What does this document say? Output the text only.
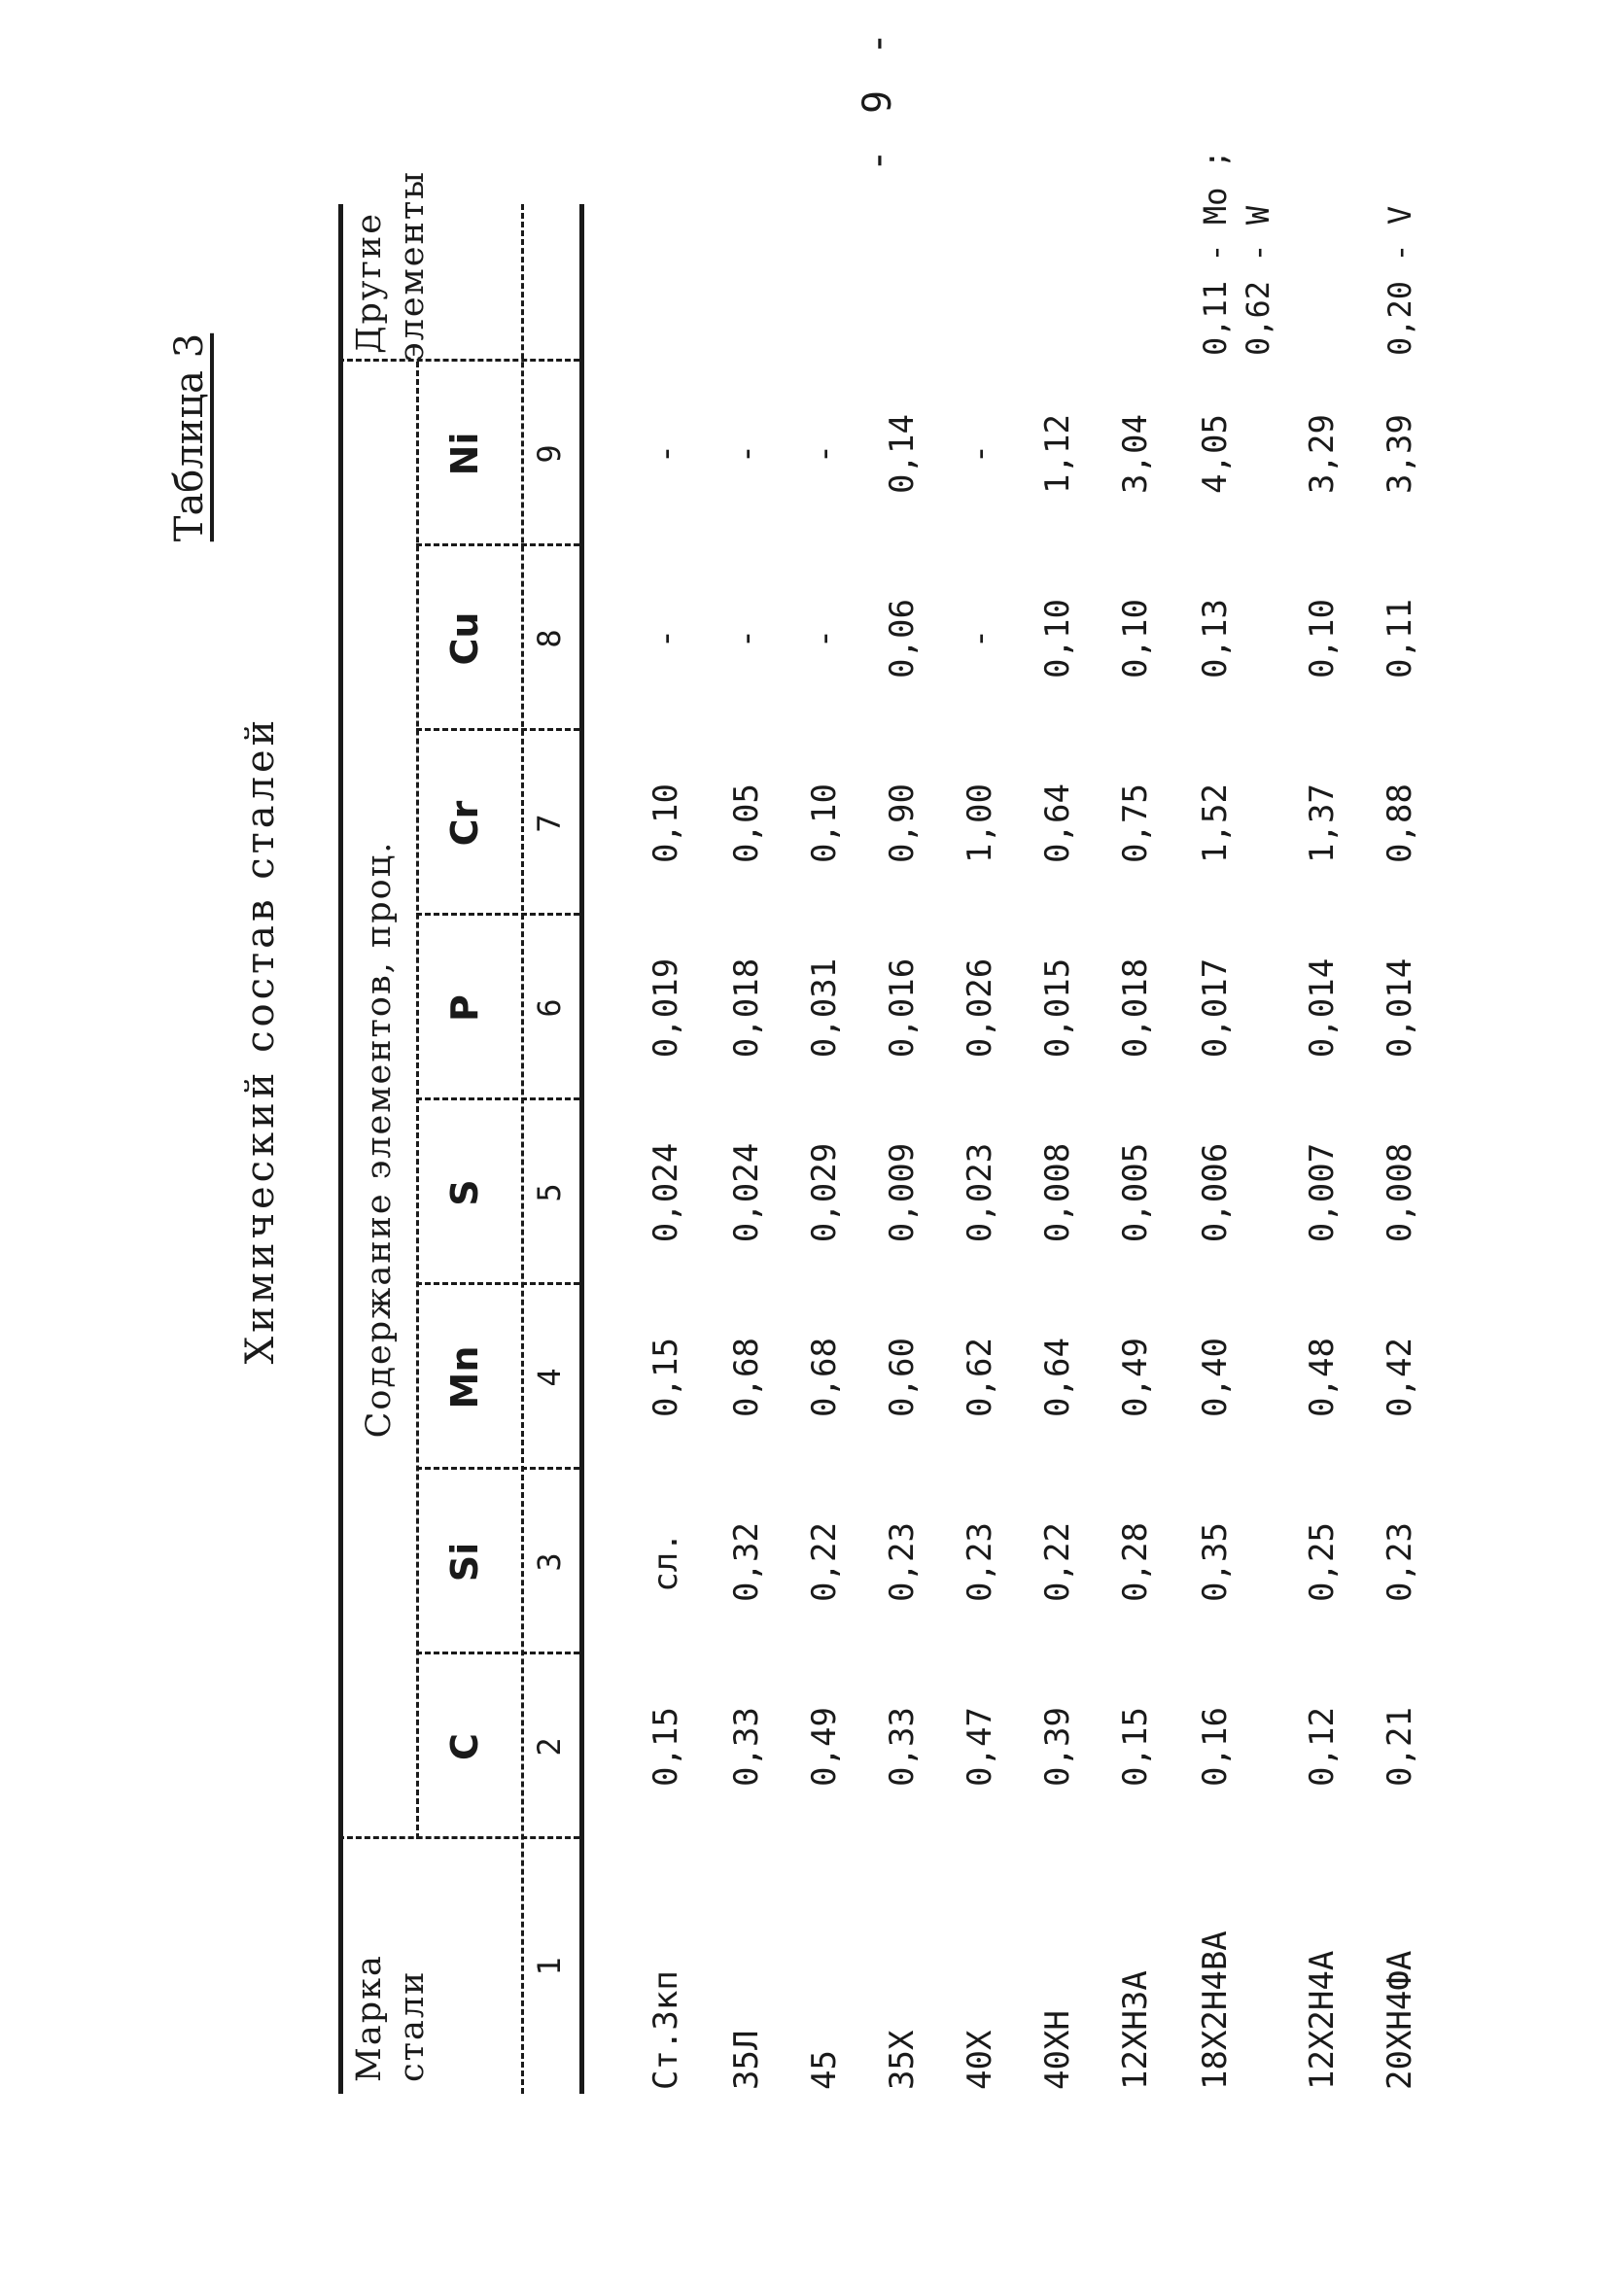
- 9 -
Таблица 3
Химический состав сталей
Марка стали
Содержание элементов, проц.
Другие элементы
C
Si
Mn
S
P
Cr
Cu
Ni
1
2
3
4
5
6
7
8
9
Ст.3кп
0,15
сл.
0,15
0,024
0,019
0,10
-
-
35Л
0,33
0,32
0,68
0,024
0,018
0,05
-
-
45
0,49
0,22
0,68
0,029
0,031
0,10
-
-
35Х
0,33
0,23
0,60
0,009
0,016
0,90
0,06
0,14
40Х
0,47
0,23
0,62
0,023
0,026
1,00
-
-
40ХН
0,39
0,22
0,64
0,008
0,015
0,64
0,10
1,12
12ХН3А
0,15
0,28
0,49
0,005
0,018
0,75
0,10
3,04
18Х2Н4ВА
0,16
0,35
0,40
0,006
0,017
1,52
0,13
4,05
0,11 - Mo ; 0,62 - W
12Х2Н4А
0,12
0,25
0,48
0,007
0,014
1,37
0,10
3,29
20ХН4ФА
0,21
0,23
0,42
0,008
0,014
0,88
0,11
3,39
0,20 - V
